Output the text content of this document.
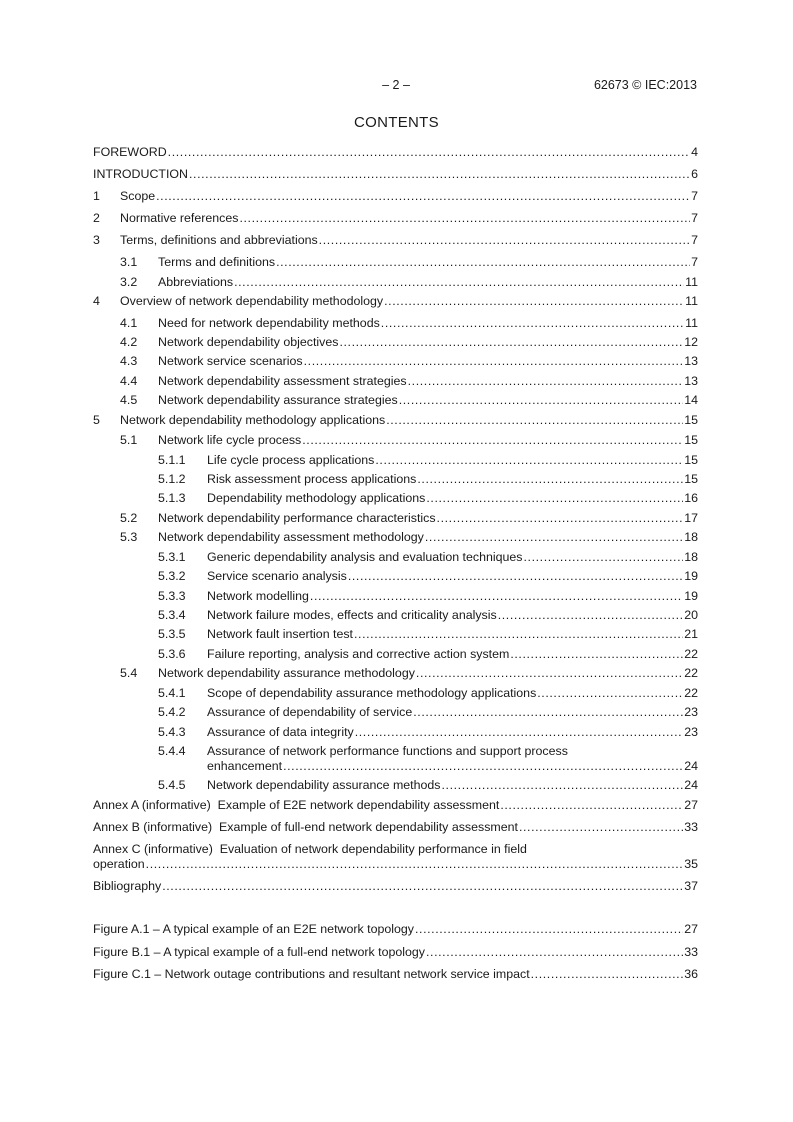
– 2 –	62673 © IEC:2013
CONTENTS
FOREWORD .....	4
INTRODUCTION .....	6
1	Scope .....	7
2	Normative references .....	7
3	Terms, definitions and abbreviations .....	7
3.1	Terms and definitions .....	7
3.2	Abbreviations .....	11
4	Overview of network dependability methodology .....	11
4.1	Need for network dependability methods .....	11
4.2	Network dependability objectives .....	12
4.3	Network service scenarios .....	13
4.4	Network dependability assessment strategies .....	13
4.5	Network dependability assurance strategies .....	14
5	Network dependability methodology applications .....	15
5.1	Network life cycle process .....	15
5.1.1	Life cycle process applications .....	15
5.1.2	Risk assessment process applications .....	15
5.1.3	Dependability methodology applications .....	16
5.2	Network dependability performance characteristics .....	17
5.3	Network dependability assessment methodology .....	18
5.3.1	Generic dependability analysis and evaluation techniques .....	18
5.3.2	Service scenario analysis .....	19
5.3.3	Network modelling .....	19
5.3.4	Network failure modes, effects and criticality analysis .....	20
5.3.5	Network fault insertion test .....	21
5.3.6	Failure reporting, analysis and corrective action system .....	22
5.4	Network dependability assurance methodology .....	22
5.4.1	Scope of dependability assurance methodology applications .....	22
5.4.2	Assurance of dependability of service .....	23
5.4.3	Assurance of data integrity .....	23
5.4.4	Assurance of network performance functions and support process
enhancement .....	24
5.4.5	Network dependability assurance methods .....	24
Annex A (informative)  Example of E2E network dependability assessment .....	27
Annex B (informative)  Example of full-end network dependability assessment .....	33
Annex C (informative)  Evaluation of network dependability performance in field
operation .....	35
Bibliography .....	37
Figure A.1 – A typical example of an E2E network topology .....	27
Figure B.1 – A typical example of a full-end network topology .....	33
Figure C.1 – Network outage contributions and resultant network service impact .....	36
